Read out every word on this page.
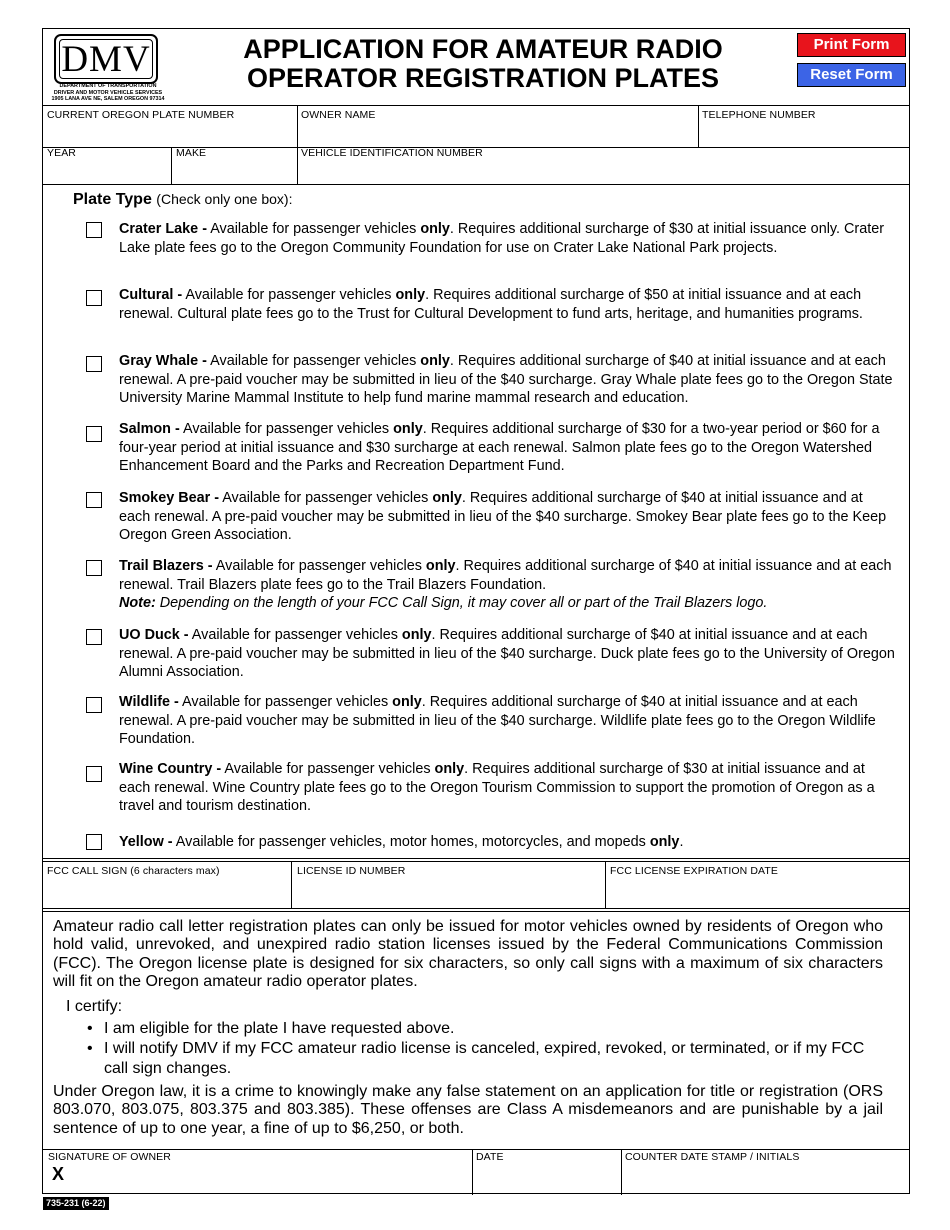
DMV
DEPARTMENT OF TRANSPORTATION
DRIVER AND MOTOR VEHICLE SERVICES
1905 LANA AVE NE, SALEM OREGON 97314
APPLICATION FOR AMATEUR RADIO
OPERATOR REGISTRATION PLATES
Print Form
Reset Form
CURRENT OREGON PLATE NUMBER	OWNER NAME	TELEPHONE NUMBER
YEAR	MAKE	VEHICLE IDENTIFICATION NUMBER
Plate Type (Check only one box):
Crater Lake - Available for passenger vehicles only. Requires additional surcharge of $30 at initial issuance only. Crater Lake plate fees go to the Oregon Community Foundation for use on Crater Lake National Park projects.
Cultural - Available for passenger vehicles only. Requires additional surcharge of $50 at initial issuance and at each renewal. Cultural plate fees go to the Trust for Cultural Development to fund arts, heritage, and humanities programs.
Gray Whale - Available for passenger vehicles only. Requires additional surcharge of $40 at initial issuance and at each renewal. A pre-paid voucher may be submitted in lieu of the $40 surcharge. Gray Whale plate fees go to the Oregon State University Marine Mammal Institute to help fund marine mammal research and education.
Salmon - Available for passenger vehicles only. Requires additional surcharge of $30 for a two-year period or $60 for a four-year period at initial issuance and $30 surcharge at each renewal. Salmon plate fees go to the Oregon Watershed Enhancement Board and the Parks and Recreation Department Fund.
Smokey Bear - Available for passenger vehicles only. Requires additional surcharge of $40 at initial issuance and at each renewal. A pre-paid voucher may be submitted in lieu of the $40 surcharge. Smokey Bear plate fees go to the Keep Oregon Green Association.
Trail Blazers - Available for passenger vehicles only. Requires additional surcharge of $40 at initial issuance and at each renewal. Trail Blazers plate fees go to the Trail Blazers Foundation.
Note: Depending on the length of your FCC Call Sign, it may cover all or part of the Trail Blazers logo.
UO Duck - Available for passenger vehicles only. Requires additional surcharge of $40 at initial issuance and at each renewal. A pre-paid voucher may be submitted in lieu of the $40 surcharge. Duck plate fees go to the University of Oregon Alumni Association.
Wildlife - Available for passenger vehicles only. Requires additional surcharge of $40 at initial issuance and at each renewal. A pre-paid voucher may be submitted in lieu of the $40 surcharge. Wildlife plate fees go to the Oregon Wildlife Foundation.
Wine Country - Available for passenger vehicles only. Requires additional surcharge of $30 at initial issuance and at each renewal. Wine Country plate fees go to the Oregon Tourism Commission to support the promotion of Oregon as a travel and tourism destination.
Yellow - Available for passenger vehicles, motor homes, motorcycles, and mopeds only.
FCC CALL SIGN (6 characters max)	LICENSE ID NUMBER	FCC LICENSE EXPIRATION DATE

Amateur radio call letter registration plates can only be issued for motor vehicles owned by residents of Oregon who hold valid, unrevoked, and unexpired radio station licenses issued by the Federal Communications Commission (FCC). The Oregon license plate is designed for six characters, so only call signs with a maximum of six characters will fit on the Oregon amateur radio operator plates.

I certify:

• I am eligible for the plate I have requested above.
• I will notify DMV if my FCC amateur radio license is canceled, expired, revoked, or terminated, or if my FCC call sign changes.

Under Oregon law, it is a crime to knowingly make any false statement on an application for title or registration (ORS 803.070, 803.075, 803.375 and 803.385). These offenses are Class A misdemeanors and are punishable by a jail sentence of up to one year, a fine of up to $6,250, or both.

SIGNATURE OF OWNER
X
DATE	COUNTER DATE STAMP / INITIALS
735-231 (6-22)
